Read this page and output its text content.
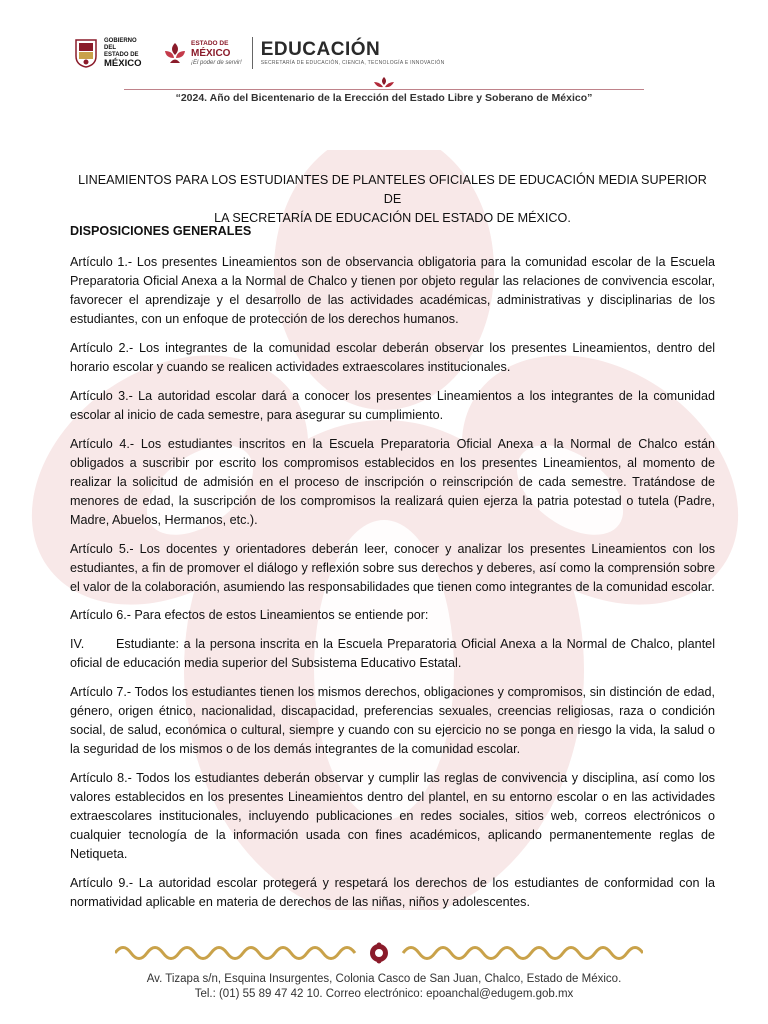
GOBIERNO DEL
ESTADO DE
MÉXICO
ESTADO DE
MÉXICO
¡El poder de servir!
EDUCACIÓN
SECRETARÍA DE EDUCACIÓN, CIENCIA, TECNOLOGÍA E INNOVACIÓN
“2024. Año del Bicentenario de la Erección del Estado Libre y Soberano de México”
LINEAMIENTOS PARA LOS ESTUDIANTES DE PLANTELES OFICIALES DE EDUCACIÓN MEDIA SUPERIOR DE
LA SECRETARÍA DE EDUCACIÓN DEL ESTADO DE MÉXICO.
DISPOSICIONES GENERALES

Artículo 1.- Los presentes Lineamientos son de observancia obligatoria para la comunidad escolar de la Escuela Preparatoria Oficial Anexa a la Normal de Chalco y tienen por objeto regular las relaciones de convivencia escolar, favorecer el aprendizaje y el desarrollo de las actividades académicas, administrativas y disciplinarias de los estudiantes, con un enfoque de protección de los derechos humanos.

Artículo 2.- Los integrantes de la comunidad escolar deberán observar los presentes Lineamientos, dentro del horario escolar y cuando se realicen actividades extraescolares institucionales.

Artículo 3.- La autoridad escolar dará a conocer los presentes Lineamientos a los integrantes de la comunidad escolar al inicio de cada semestre, para asegurar su cumplimiento.

Artículo 4.- Los estudiantes inscritos en la Escuela Preparatoria Oficial Anexa a la Normal de Chalco están obligados a suscribir por escrito los compromisos establecidos en los presentes Lineamientos, al momento de realizar la solicitud de admisión en el proceso de inscripción o reinscripción de cada semestre. Tratándose de menores de edad, la suscripción de los compromisos la realizará quien ejerza la patria potestad o tutela (Padre, Madre, Abuelos, Hermanos, etc.).

Artículo 5.- Los docentes y orientadores deberán leer, conocer y analizar los presentes Lineamientos con los estudiantes, a fin de promover el diálogo y reflexión sobre sus derechos y deberes, así como la comprensión sobre el valor de la colaboración, asumiendo las responsabilidades que tienen como integrantes de la comunidad escolar.

Artículo 6.- Para efectos de estos Lineamientos se entiende por:

IV.	Estudiante: a la persona inscrita en la Escuela Preparatoria Oficial Anexa a la Normal de Chalco, plantel oficial de educación media superior del Subsistema Educativo Estatal.

Artículo 7.- Todos los estudiantes tienen los mismos derechos, obligaciones y compromisos, sin distinción de edad, género, origen étnico, nacionalidad, discapacidad, preferencias sexuales, creencias religiosas, raza o condición social, de salud, económica o cultural, siempre y cuando con su ejercicio no se ponga en riesgo la vida, la salud o la seguridad de los mismos o de los demás integrantes de la comunidad escolar.

Artículo 8.- Todos los estudiantes deberán observar y cumplir las reglas de convivencia y disciplina, así como los valores establecidos en los presentes Lineamientos dentro del plantel, en su entorno escolar o en las actividades extraescolares institucionales, incluyendo publicaciones en redes sociales, sitios web, correos electrónicos o cualquier tecnología de la información usada con fines académicos, aplicando permanentemente reglas de Netiqueta.

Artículo 9.- La autoridad escolar protegerá y respetará los derechos de los estudiantes de conformidad con la normatividad aplicable en materia de derechos de las niñas, niños y adolescentes.

Av. Tizapa s/n, Esquina Insurgentes, Colonia Casco de San Juan, Chalco, Estado de México.
Tel.: (01) 55 89 47 42 10. Correo electrónico: epoanchal@edugem.gob.mx
